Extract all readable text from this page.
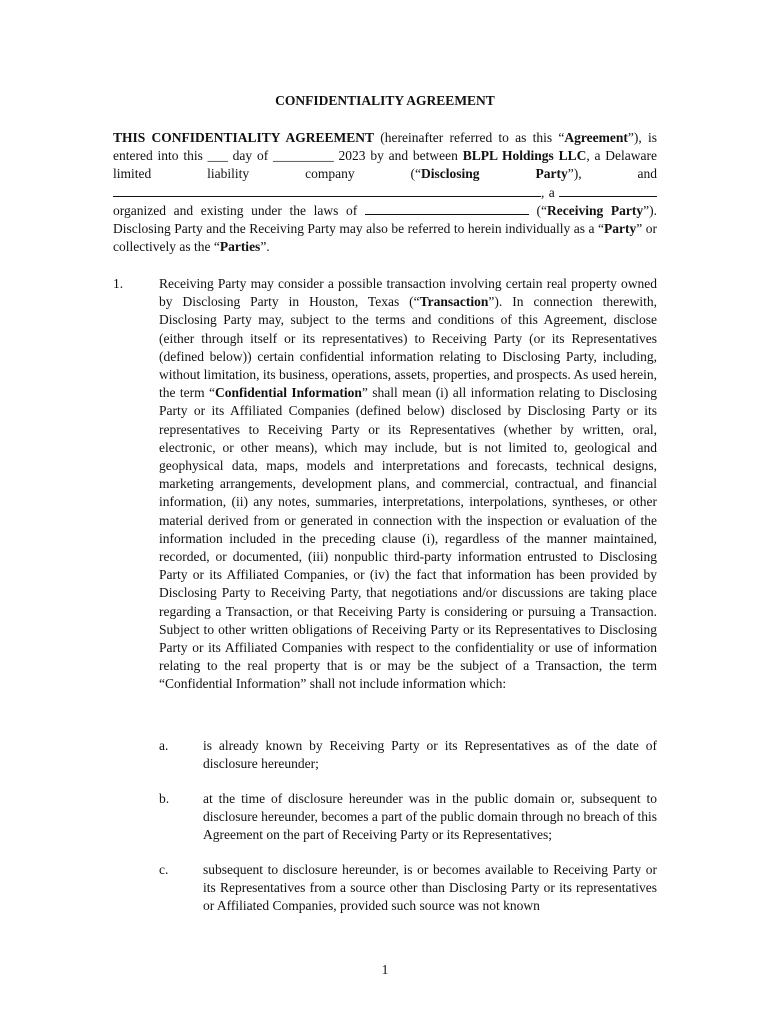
CONFIDENTIALITY AGREEMENT

THIS CONFIDENTIALITY AGREEMENT (hereinafter referred to as this “Agreement”), is entered into this ___ day of _________ 2023 by and between BLPL Holdings LLC, a Delaware limited liability company (“Disclosing Party”), and , a  organized and existing under the laws of	(“Receiving Party”). Disclosing Party and the Receiving Party may also be referred to herein individually as a “Party” or collectively as the “Parties”.

1.	Receiving Party may consider a possible transaction involving certain real property owned by Disclosing Party in Houston, Texas (“Transaction”). In connection therewith, Disclosing Party may, subject to the terms and conditions of this Agreement, disclose (either through itself or its representatives) to Receiving Party (or its Representatives (defined below)) certain confidential information relating to Disclosing Party, including, without limitation, its business, operations, assets, properties, and prospects. As used herein, the term “Confidential Information” shall mean (i) all information relating to Disclosing Party or its Affiliated Companies (defined below) disclosed by Disclosing Party or its representatives to Receiving Party or its Representatives (whether by written, oral, electronic, or other means), which may include, but is not limited to, geological and geophysical data, maps, models and interpretations and forecasts, technical designs, marketing arrangements, development plans, and commercial, contractual, and financial information, (ii) any notes, summaries, interpretations, interpolations, syntheses, or other material derived from or generated in connection with the inspection or evaluation of the information included in the preceding clause (i), regardless of the manner maintained, recorded, or documented, (iii) nonpublic third-party information entrusted to Disclosing Party or its Affiliated Companies, or (iv) the fact that information has been provided by Disclosing Party to Receiving Party, that negotiations and/or discussions are taking place regarding a Transaction, or that Receiving Party is considering or pursuing a Transaction. Subject to other written obligations of Receiving Party or its Representatives to Disclosing Party or its Affiliated Companies with respect to the confidentiality or use of information relating to the real property that is or may be the subject of a Transaction, the term “Confidential Information” shall not include information which:
a.	is already known by Receiving Party or its Representatives as of the date of disclosure hereunder;
b.	at the time of disclosure hereunder was in the public domain or, subsequent to disclosure hereunder, becomes a part of the public domain through no breach of this Agreement on the part of Receiving Party or its Representatives;
c.	subsequent to disclosure hereunder, is or becomes available to Receiving Party or its Representatives from a source other than Disclosing Party or its representatives or Affiliated Companies, provided such source was not known
1
